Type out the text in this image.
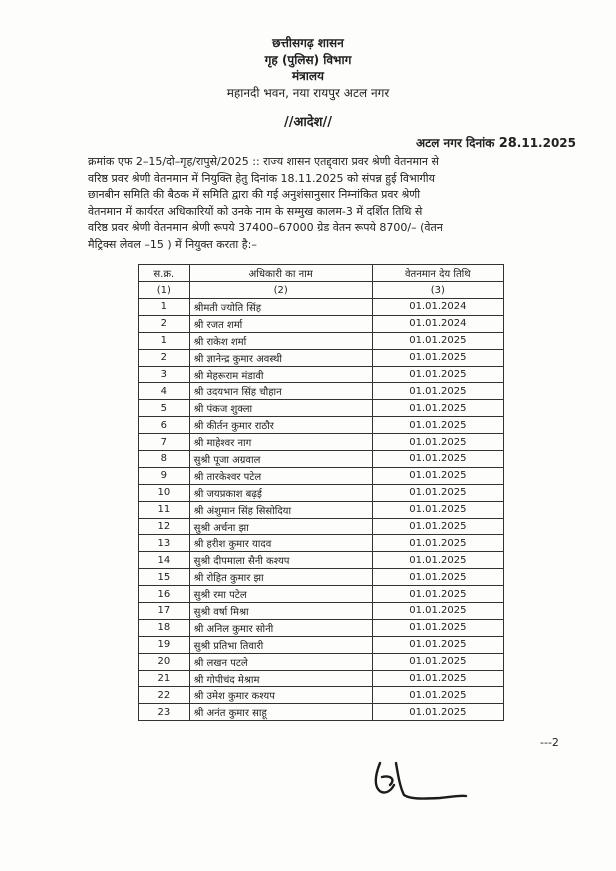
छत्तीसगढ़ शासन
गृह (पुलिस) विभाग
मंत्रालय
महानदी भवन, नया रायपुर अटल नगर
//आदेश//
अटल नगर दिनांक 28.11.2025
क्रमांक एफ 2–15/दो–गृह/रापुसे/2025 :: राज्य शासन एतद्द्वारा प्रवर श्रेणी वेतनमान से
वरिष्ठ प्रवर श्रेणी वेतनमान में नियुक्ति हेतु दिनांक 18.11.2025 को संपन्न हुई विभागीय
छानबीन समिति की बैठक में समिति द्वारा की गई अनुशंसानुसार निम्नांकित प्रवर श्रेणी
वेतनमान में कार्यरत अधिकारियों को उनके नाम के सम्मुख कालम-3 में दर्शित तिथि से
वरिष्ठ प्रवर श्रेणी वेतनमान श्रेणी रूपये 37400–67000 ग्रेड वेतन रूपये 8700/– (वेतन
मैट्रिक्स लेवल –15 ) में नियुक्त करता है:–
स.क्र.	अधिकारी का नाम	वेतनमान देय तिथि
(1)	(2)	(3)
1	श्रीमती ज्योति सिंह	01.01.2024
2	श्री रजत शर्मा	01.01.2024
1	श्री राकेश शर्मा	01.01.2025
2	श्री ज्ञानेन्द्र कुमार अवस्थी	01.01.2025
3	श्री मेहरूराम मंडावी	01.01.2025
4	श्री उदयभान सिंह चौहान	01.01.2025
5	श्री पंकज शुक्ला	01.01.2025
6	श्री कीर्तन कुमार राठौर	01.01.2025
7	श्री माहेश्वर नाग	01.01.2025
8	सुश्री पूजा अग्रवाल	01.01.2025
9	श्री तारकेश्वर पटेल	01.01.2025
10	श्री जयप्रकाश बढ़ई	01.01.2025
11	श्री अंशुमान सिंह सिसोदिया	01.01.2025
12	सुश्री अर्चना झा	01.01.2025
13	श्री हरीश कुमार यादव	01.01.2025
14	सुश्री दीपमाला सैनी कश्यप	01.01.2025
15	श्री रोहित कुमार झा	01.01.2025
16	सुश्री रमा पटेल	01.01.2025
17	सुश्री वर्षा मिश्रा	01.01.2025
18	श्री अनिल कुमार सोनी	01.01.2025
19	सुश्री प्रतिभा तिवारी	01.01.2025
20	श्री लखन पटले	01.01.2025
21	श्री गोपीचंद मेश्राम	01.01.2025
22	श्री उमेश कुमार कश्यप	01.01.2025
23	श्री अनंत कुमार साहू	01.01.2025
---2
